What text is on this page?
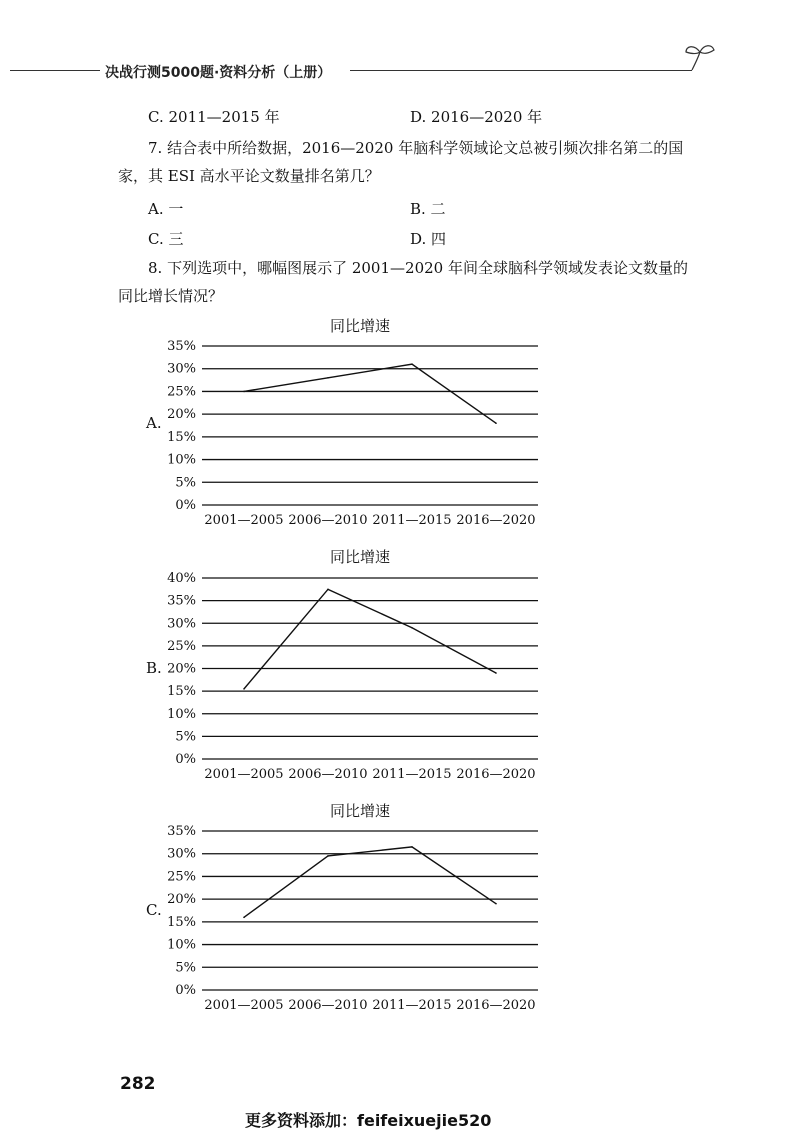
决战行测5000题·资料分析（上册）
C. 2011—2015 年	D. 2016—2020 年
7. 结合表中所给数据，2016—2020 年脑科学领域论文总被引频次排名第二的国
家，其 ESI 高水平论文数量排名第几？
A. 一	B. 二
C. 三	D. 四
8. 下列选项中，哪幅图展示了 2001—2020 年间全球脑科学领域发表论文数量的
同比增长情况？
同比增速
A.
0%
5%
10%
15%
20%
25%
30%
35%
2001—2005 2006—2010 2011—2015 2016—2020
同比增速
B.
0%
5%
10%
15%
20%
25%
30%
35%
40%
2001—2005 2006—2010 2011—2015 2016—2020
同比增速
C.
0%
5%
10%
15%
20%
25%
30%
35%
2001—2005 2006—2010 2011—2015 2016—2020
282
更多资料添加：feifeixuejie520
